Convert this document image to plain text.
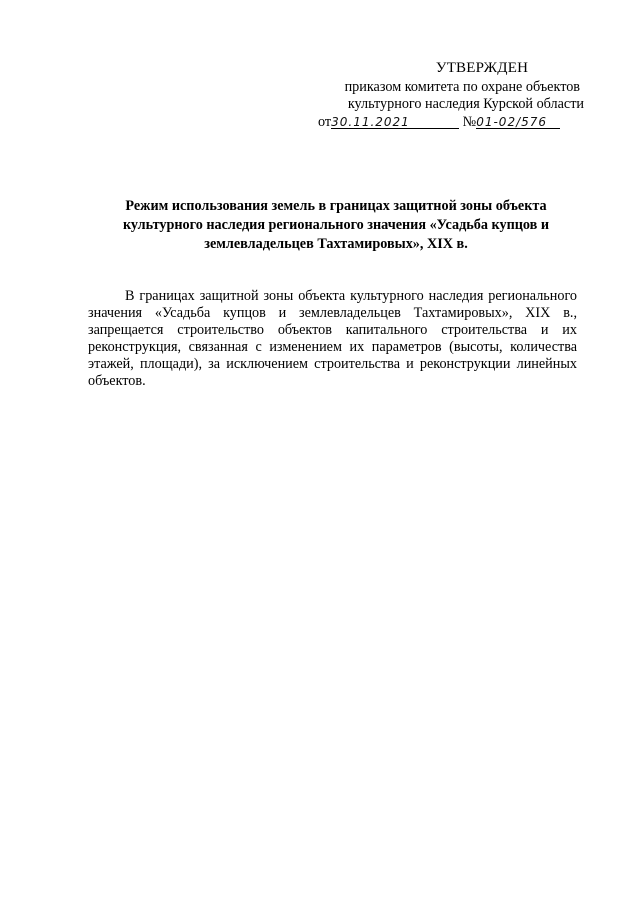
УТВЕРЖДЕН
приказом комитета по охране объектов
культурного наследия Курской области
от30.11.2021	№01-02/576
Режим использования земель в границах защитной зоны объекта культурного наследия регионального значения «Усадьба купцов и землевладельцев Тахтамировых», XIX в.
В границах защитной зоны объекта культурного наследия регионального значения «Усадьба купцов и землевладельцев Тахтамировых», XIX в., запрещается строительство объектов капитального строительства и их реконструкция, связанная с изменением их параметров (высоты, количества этажей, площади), за исключением строительства и реконструкции линейных объектов.
